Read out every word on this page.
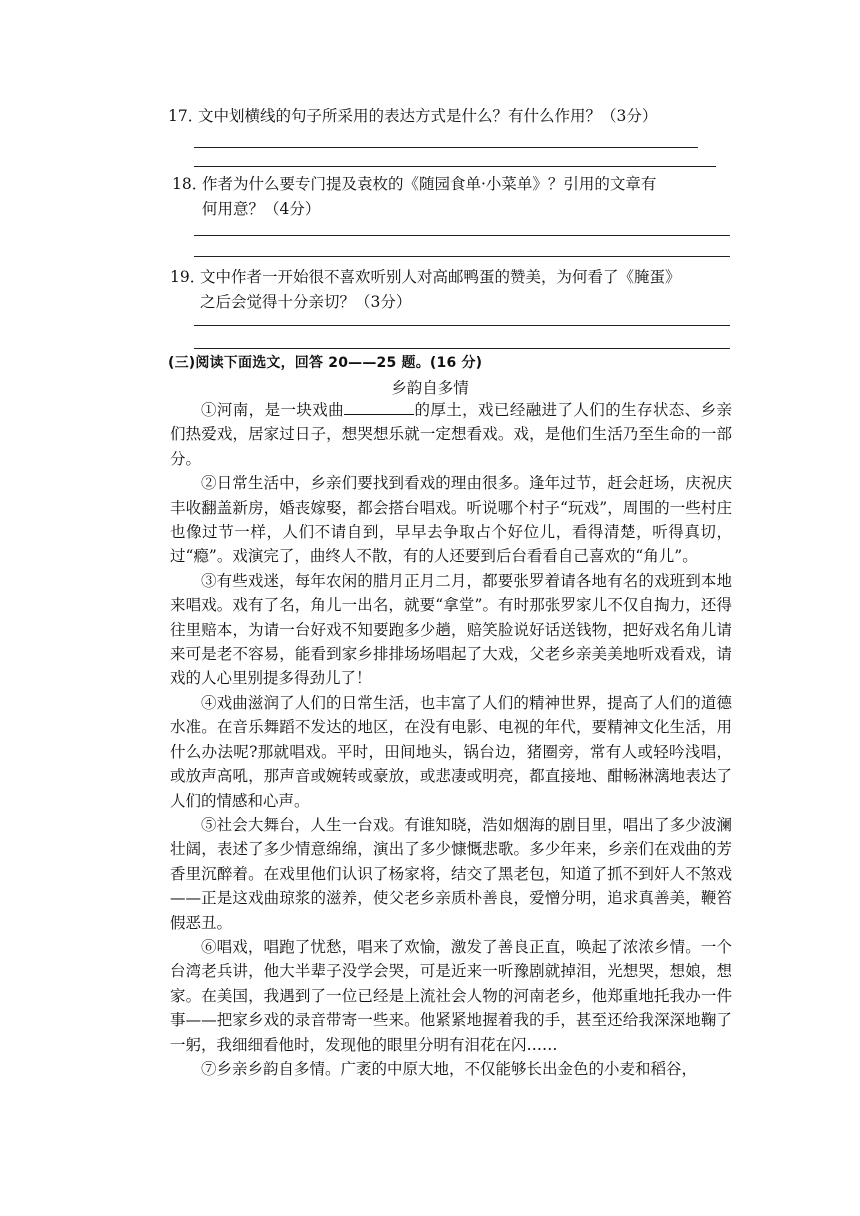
17．
文中划横线的句子所采用的表达方式是什么？有什么作用？（3分）
18．
作者为什么要专门提及袁枚的《随园食单·小菜单》？引用的文章有
何用意？（4分）
19．
文中作者一开始很不喜欢听别人对高邮鸭蛋的赞美，为何看了《腌蛋》
之后会觉得十分亲切？（3分）
(三)阅读下面选文，回答 20——25 题。(16 分)
乡韵自多情

①河南，是一块戏曲	的厚土，戏已经融进了人们的生存状态、乡亲们热爱戏，居家过日子，想哭想乐就一定想看戏。戏，是他们生活乃至生命的一部分。

②日常生活中，乡亲们要找到看戏的理由很多。逢年过节，赶会赶场，庆祝庆丰收翻盖新房，婚丧嫁娶，都会搭台唱戏。听说哪个村子“玩戏”，周围的一些村庄也像过节一样，人们不请自到，早早去争取占个好位儿，看得清楚，听得真切，过“瘾”。戏演完了，曲终人不散，有的人还要到后台看看自己喜欢的“角儿”。

③有些戏迷，每年农闲的腊月正月二月，都要张罗着请各地有名的戏班到本地来唱戏。戏有了名，角儿一出名，就要“拿堂”。有时那张罗家儿不仅自掏力，还得往里赔本，为请一台好戏不知要跑多少趟，赔笑脸说好话送钱物，把好戏名角儿请来可是老不容易，能看到家乡排排场场唱起了大戏，父老乡亲美美地听戏看戏，请戏的人心里别提多得劲儿了！

④戏曲滋润了人们的日常生活，也丰富了人们的精神世界，提高了人们的道德水准。在音乐舞蹈不发达的地区，在没有电影、电视的年代，要精神文化生活，用什么办法呢?那就唱戏。平时，田间地头，锅台边，猪圈旁，常有人或轻吟浅唱，或放声高吼，那声音或婉转或豪放，或悲凄或明亮，都直接地、酣畅淋漓地表达了人们的情感和心声。

⑤社会大舞台，人生一台戏。有谁知晓，浩如烟海的剧目里，唱出了多少波澜壮阔，表述了多少情意绵绵，演出了多少慷慨悲歌。多少年来，乡亲们在戏曲的芳香里沉醉着。在戏里他们认识了杨家将，结交了黑老包，知道了抓不到奸人不煞戏——正是这戏曲琼浆的滋养，使父老乡亲质朴善良，爱憎分明，追求真善美，鞭笞假恶丑。

⑥唱戏，唱跑了忧愁，唱来了欢愉，激发了善良正直，唤起了浓浓乡情。一个台湾老兵讲，他大半辈子没学会哭，可是近来一听豫剧就掉泪，光想哭，想娘，想家。在美国，我遇到了一位已经是上流社会人物的河南老乡，他郑重地托我办一件事——把家乡戏的录音带寄一些来。他紧紧地握着我的手，甚至还给我深深地鞠了一躬，我细细看他时，发现他的眼里分明有泪花在闪……

⑦乡亲乡韵自多情。广袤的中原大地，不仅能够长出金色的小麦和稻谷，
